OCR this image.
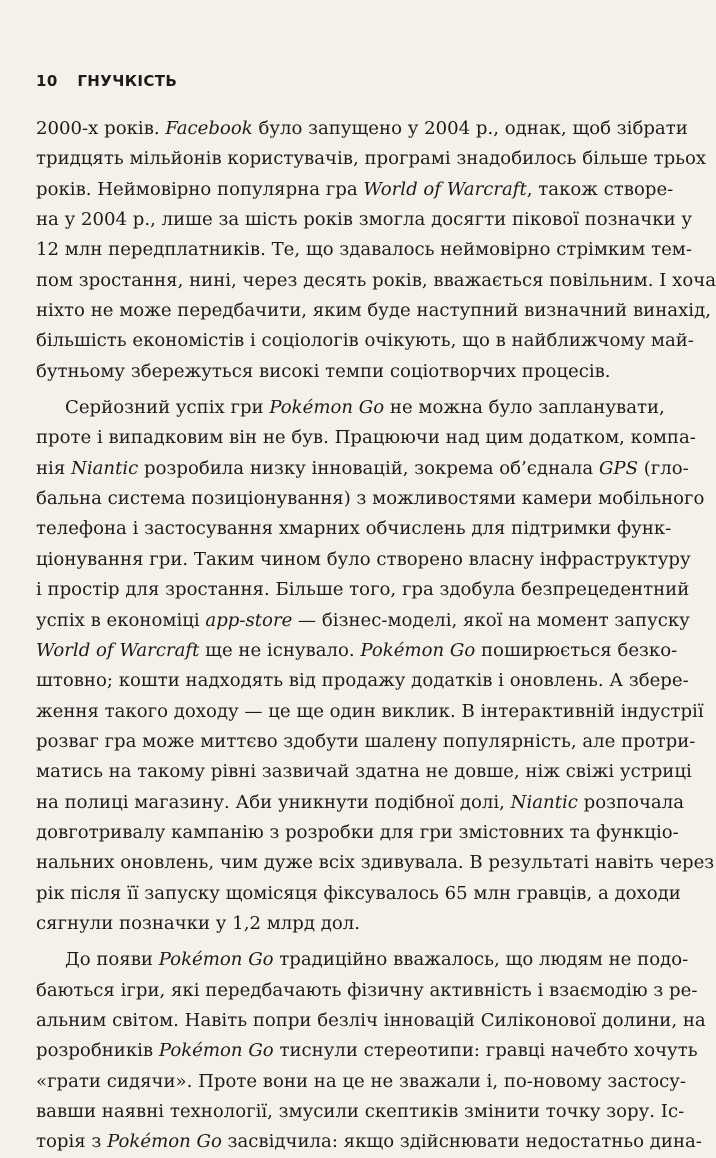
10 ГНУЧКІСТЬ
2000-х років. Facebook було запущено у 2004 р., однак, щоб зібрати
тридцять мільйонів користувачів, програмі знадобилось більше трьох
років. Неймовірно популярна гра World of Warcraft, також створе-
на у 2004 р., лише за шість років змогла досягти пікової позначки у
12 млн передплатників. Те, що здавалось неймовірно стрімким тем-
пом зростання, нині, через десять років, вважається повільним. І хоча
ніхто не може передбачити, яким буде наступний визначний винахід,
більшість економістів і соціологів очікують, що в найближчому май-
бутньому збережуться високі темпи соціотворчих процесів.
Серйозний успіх гри Pokémon Go не можна було запланувати,
проте і випадковим він не був. Працюючи над цим додатком, компа-
нія Niantic розробила низку інновацій, зокрема об’єднала GPS (гло-
бальна система позиціонування) з можливостями камери мобільного
телефона і застосування хмарних обчислень для підтримки функ-
ціонування гри. Таким чином було створено власну інфраструктуру
і простір для зростання. Більше того, гра здобула безпрецедентний
успіх в економіці app-store — бізнес-моделі, якої на момент запуску
World of Warcraft ще не існувало. Pokémon Go поширюється безко-
штовно; кошти надходять від продажу додатків і оновлень. А збере-
ження такого доходу — це ще один виклик. В інтерактивній індустрії
розваг гра може миттєво здобути шалену популярність, але протри-
матись на такому рівні зазвичай здатна не довше, ніж свіжі устриці
на полиці магазину. Аби уникнути подібної долі, Niantic розпочала
довготривалу кампанію з розробки для гри змістовних та функціо-
нальних оновлень, чим дуже всіх здивувала. В результаті навіть через
рік після її запуску щомісяця фіксувалось 65 млн гравців, а доходи
сягнули позначки у 1,2 млрд дол.
До появи Pokémon Go традиційно вважалось, що людям не подо-
баються ігри, які передбачають фізичну активність і взаємодію з ре-
альним світом. Навіть попри безліч інновацій Силіконової долини, на
розробників Pokémon Go тиснули стереотипи: гравці начебто хочуть
«грати сидячи». Проте вони на це не зважали і, по-новому застосу-
вавши наявні технології, змусили скептиків змінити точку зору. Іс-
торія з Pokémon Go засвідчила: якщо здійснювати недостатньо дина-
